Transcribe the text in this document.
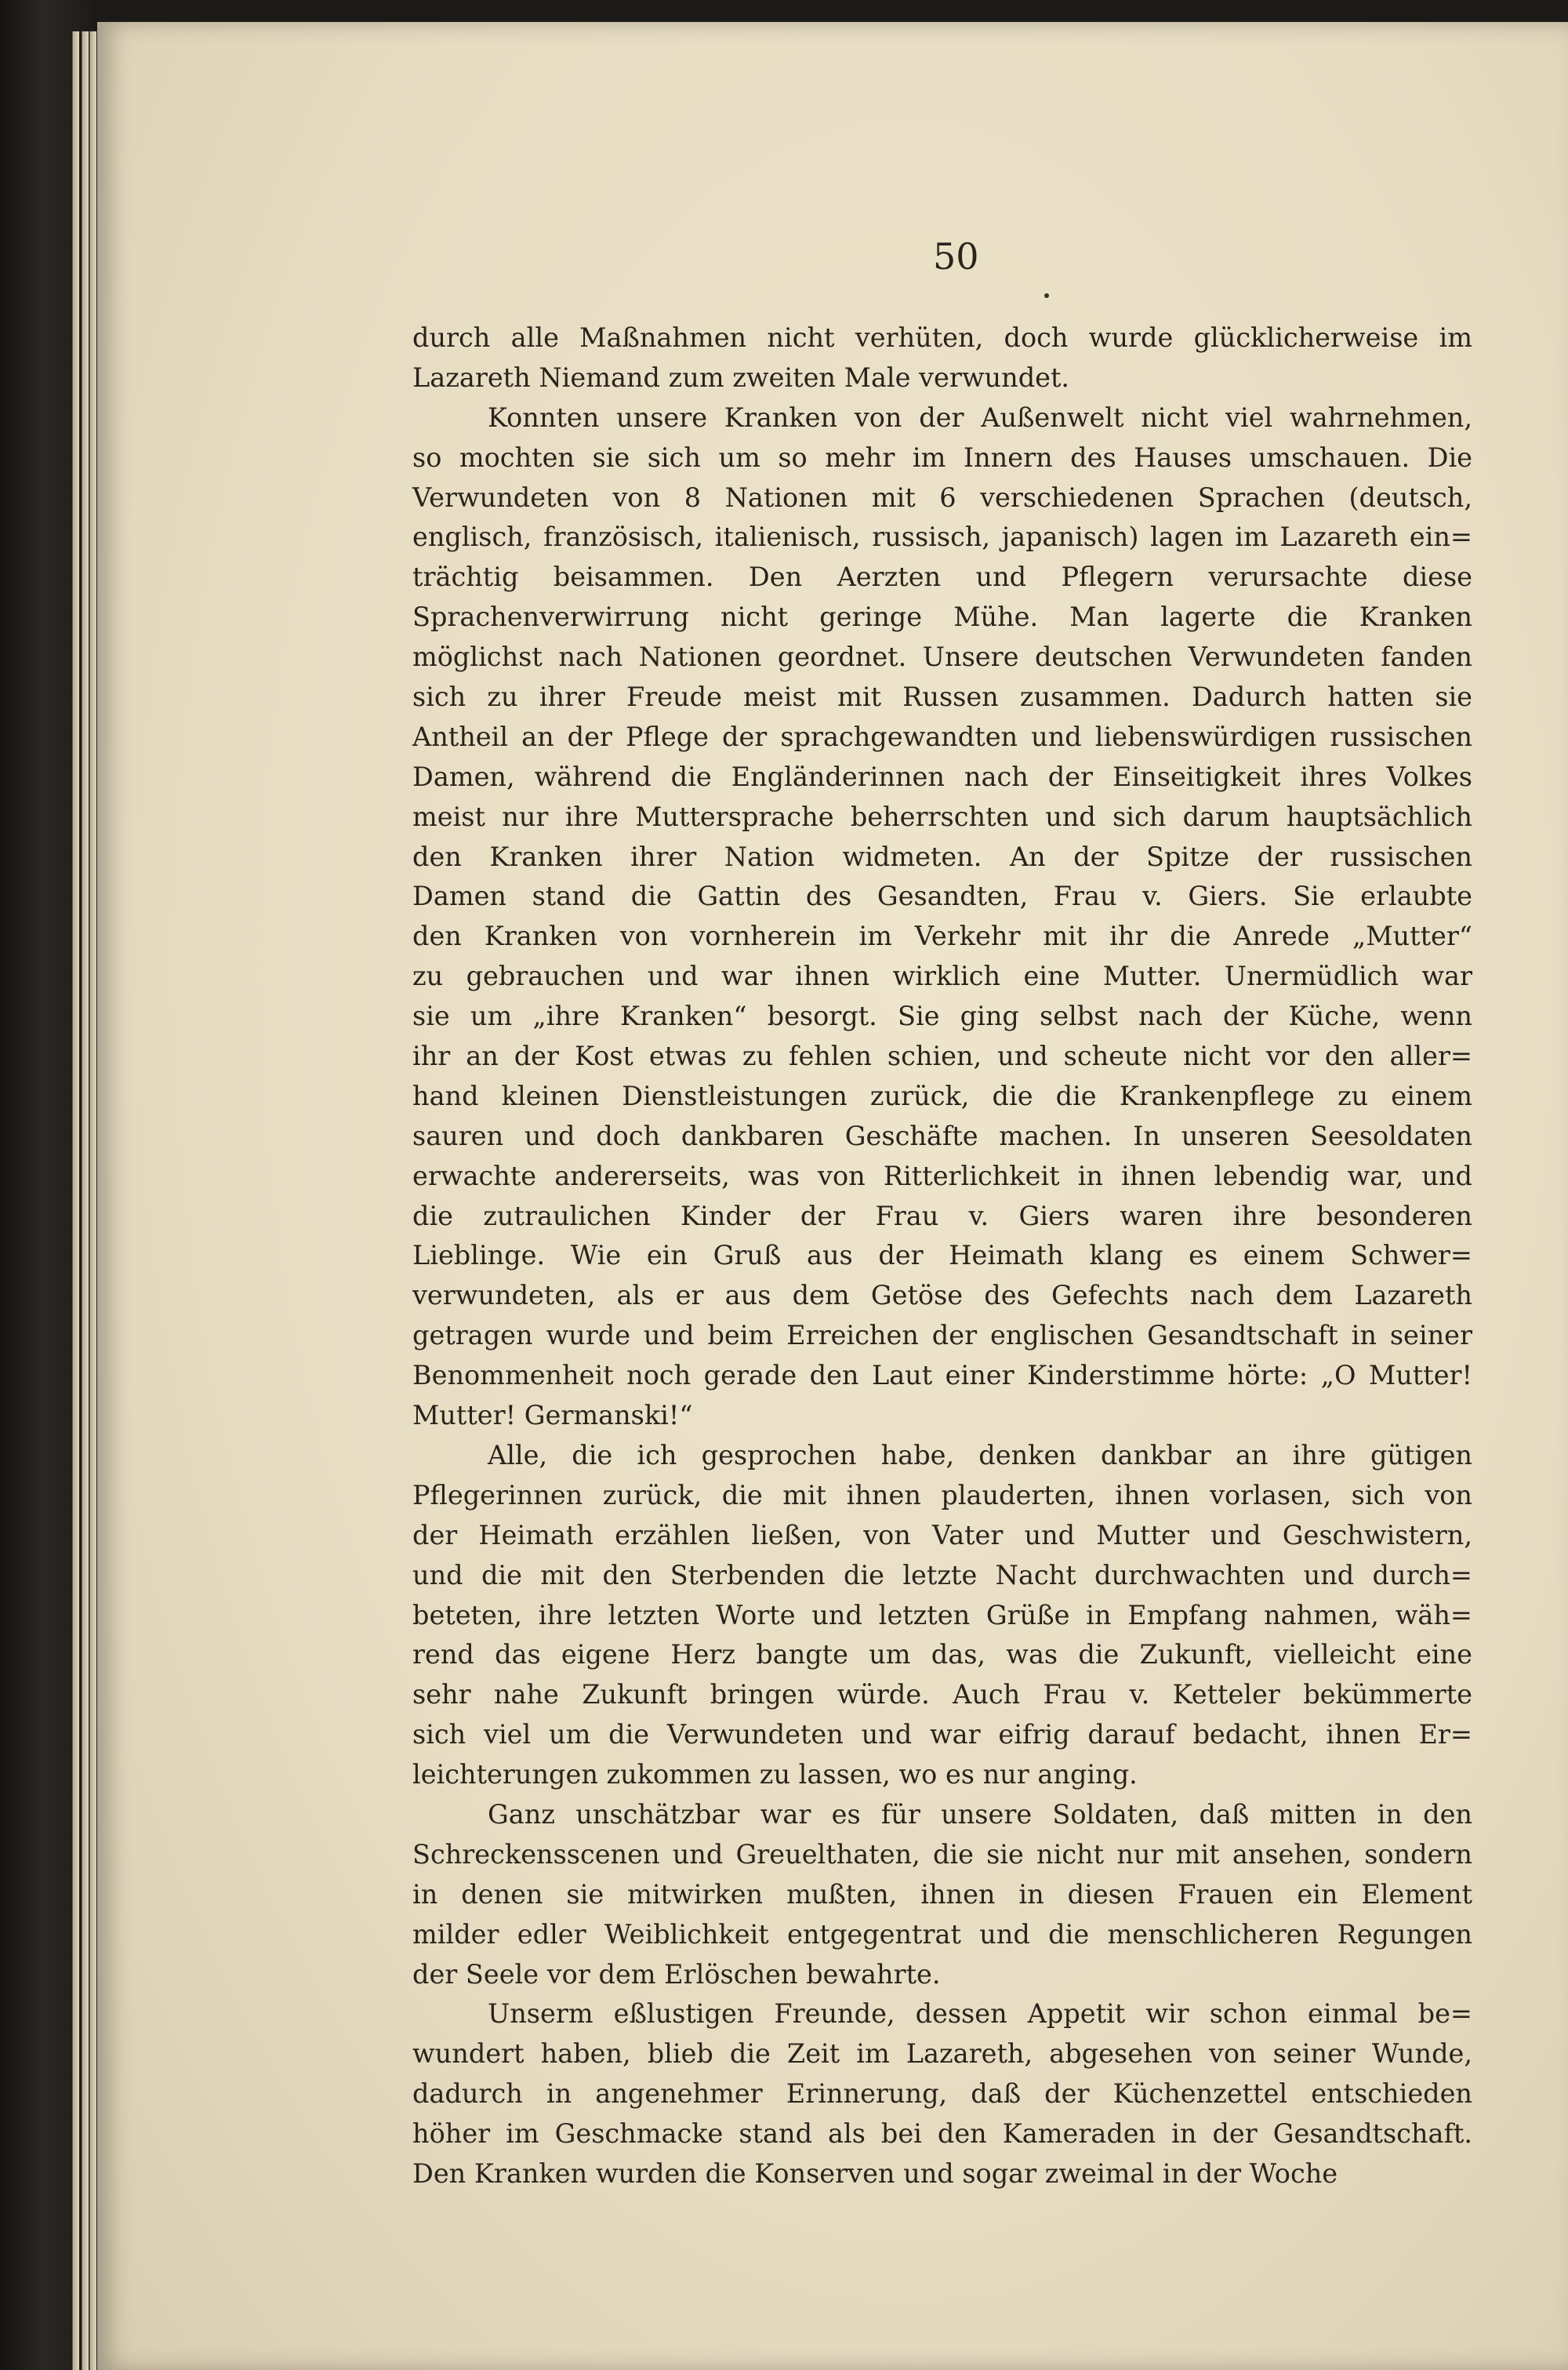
50
durch alle Maßnahmen nicht verhüten, doch wurde glücklicherweise im
Lazareth Niemand zum zweiten Male verwundet.
Konnten unsere Kranken von der Außenwelt nicht viel wahrnehmen,
so mochten sie sich um so mehr im Innern des Hauses umschauen. Die
Verwundeten von 8 Nationen mit 6 verschiedenen Sprachen (deutsch,
englisch, französisch, italienisch, russisch, japanisch) lagen im Lazareth ein=
trächtig beisammen. Den Aerzten und Pflegern verursachte diese
Sprachenverwirrung nicht geringe Mühe. Man lagerte die Kranken
möglichst nach Nationen geordnet. Unsere deutschen Verwundeten fanden
sich zu ihrer Freude meist mit Russen zusammen. Dadurch hatten sie
Antheil an der Pflege der sprachgewandten und liebenswürdigen russischen
Damen, während die Engländerinnen nach der Einseitigkeit ihres Volkes
meist nur ihre Muttersprache beherrschten und sich darum hauptsächlich
den Kranken ihrer Nation widmeten. An der Spitze der russischen
Damen stand die Gattin des Gesandten, Frau v. Giers. Sie erlaubte
den Kranken von vornherein im Verkehr mit ihr die Anrede „Mutter“
zu gebrauchen und war ihnen wirklich eine Mutter. Unermüdlich war
sie um „ihre Kranken“ besorgt. Sie ging selbst nach der Küche, wenn
ihr an der Kost etwas zu fehlen schien, und scheute nicht vor den aller=
hand kleinen Dienstleistungen zurück, die die Krankenpflege zu einem
sauren und doch dankbaren Geschäfte machen. In unseren Seesoldaten
erwachte andererseits, was von Ritterlichkeit in ihnen lebendig war, und
die zutraulichen Kinder der Frau v. Giers waren ihre besonderen
Lieblinge. Wie ein Gruß aus der Heimath klang es einem Schwer=
verwundeten, als er aus dem Getöse des Gefechts nach dem Lazareth
getragen wurde und beim Erreichen der englischen Gesandtschaft in seiner
Benommenheit noch gerade den Laut einer Kinderstimme hörte: „O Mutter!
Mutter! Germanski!“
Alle, die ich gesprochen habe, denken dankbar an ihre gütigen
Pflegerinnen zurück, die mit ihnen plauderten, ihnen vorlasen, sich von
der Heimath erzählen ließen, von Vater und Mutter und Geschwistern,
und die mit den Sterbenden die letzte Nacht durchwachten und durch=
beteten, ihre letzten Worte und letzten Grüße in Empfang nahmen, wäh=
rend das eigene Herz bangte um das, was die Zukunft, vielleicht eine
sehr nahe Zukunft bringen würde. Auch Frau v. Ketteler bekümmerte
sich viel um die Verwundeten und war eifrig darauf bedacht, ihnen Er=
leichterungen zukommen zu lassen, wo es nur anging.
Ganz unschätzbar war es für unsere Soldaten, daß mitten in den
Schreckensscenen und Greuelthaten, die sie nicht nur mit ansehen, sondern
in denen sie mitwirken mußten, ihnen in diesen Frauen ein Element
milder edler Weiblichkeit entgegentrat und die menschlicheren Regungen
der Seele vor dem Erlöschen bewahrte.
Unserm eßlustigen Freunde, dessen Appetit wir schon einmal be=
wundert haben, blieb die Zeit im Lazareth, abgesehen von seiner Wunde,
dadurch in angenehmer Erinnerung, daß der Küchenzettel entschieden
höher im Geschmacke stand als bei den Kameraden in der Gesandtschaft.
Den Kranken wurden die Konserven und sogar zweimal in der Woche
